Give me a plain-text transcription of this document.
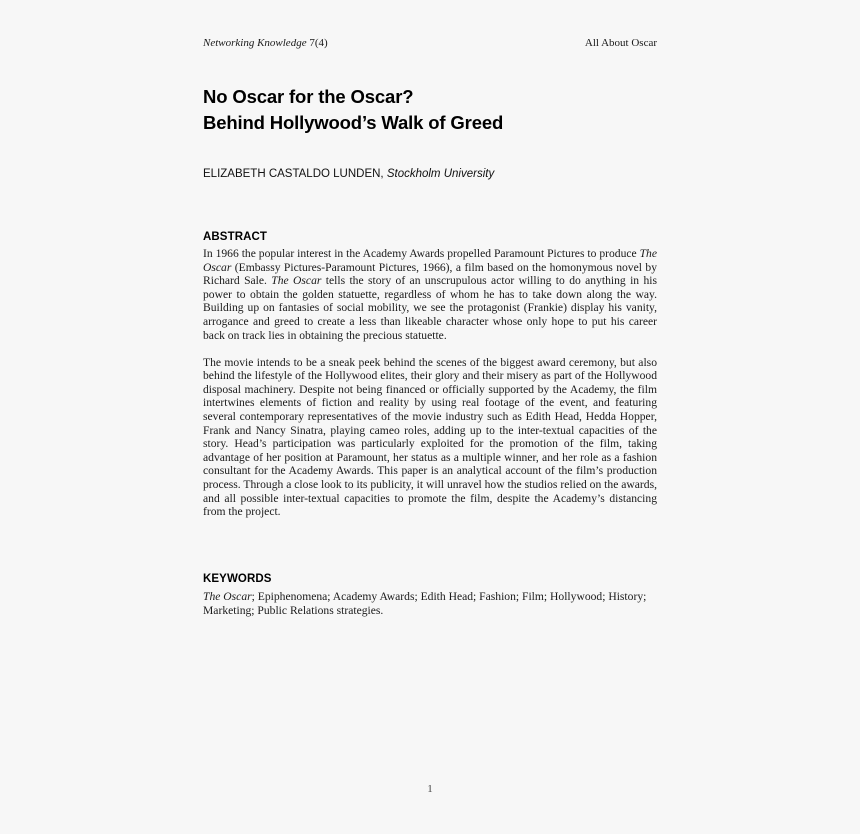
Networking Knowledge 7(4)	All About Oscar
No Oscar for the Oscar?
Behind Hollywood’s Walk of Greed
ELIZABETH CASTALDO LUNDEN, Stockholm University
ABSTRACT

In 1966 the popular interest in the Academy Awards propelled Paramount Pictures to produce The Oscar (Embassy Pictures-Paramount Pictures, 1966), a film based on the homonymous novel by Richard Sale. The Oscar tells the story of an unscrupulous actor willing to do anything in his power to obtain the golden statuette, regardless of whom he has to take down along the way. Building up on fantasies of social mobility, we see the protagonist (Frankie) display his vanity, arrogance and greed to create a less than likeable character whose only hope to put his career back on track lies in obtaining the precious statuette.

The movie intends to be a sneak peek behind the scenes of the biggest award ceremony, but also behind the lifestyle of the Hollywood elites, their glory and their misery as part of the Hollywood disposal machinery. Despite not being financed or officially supported by the Academy, the film intertwines elements of fiction and reality by using real footage of the event, and featuring several contemporary representatives of the movie industry such as Edith Head, Hedda Hopper, Frank and Nancy Sinatra, playing cameo roles, adding up to the inter-textual capacities of the story. Head’s participation was particularly exploited for the promotion of the film, taking advantage of her position at Paramount, her status as a multiple winner, and her role as a fashion consultant for the Academy Awards. This paper is an analytical account of the film’s production process. Through a close look to its publicity, it will unravel how the studios relied on the awards, and all possible inter-textual capacities to promote the film, despite the Academy’s distancing from the project.

KEYWORDS

The Oscar; Epiphenomena; Academy Awards; Edith Head; Fashion; Film; Hollywood; History; Marketing; Public Relations strategies.

1
